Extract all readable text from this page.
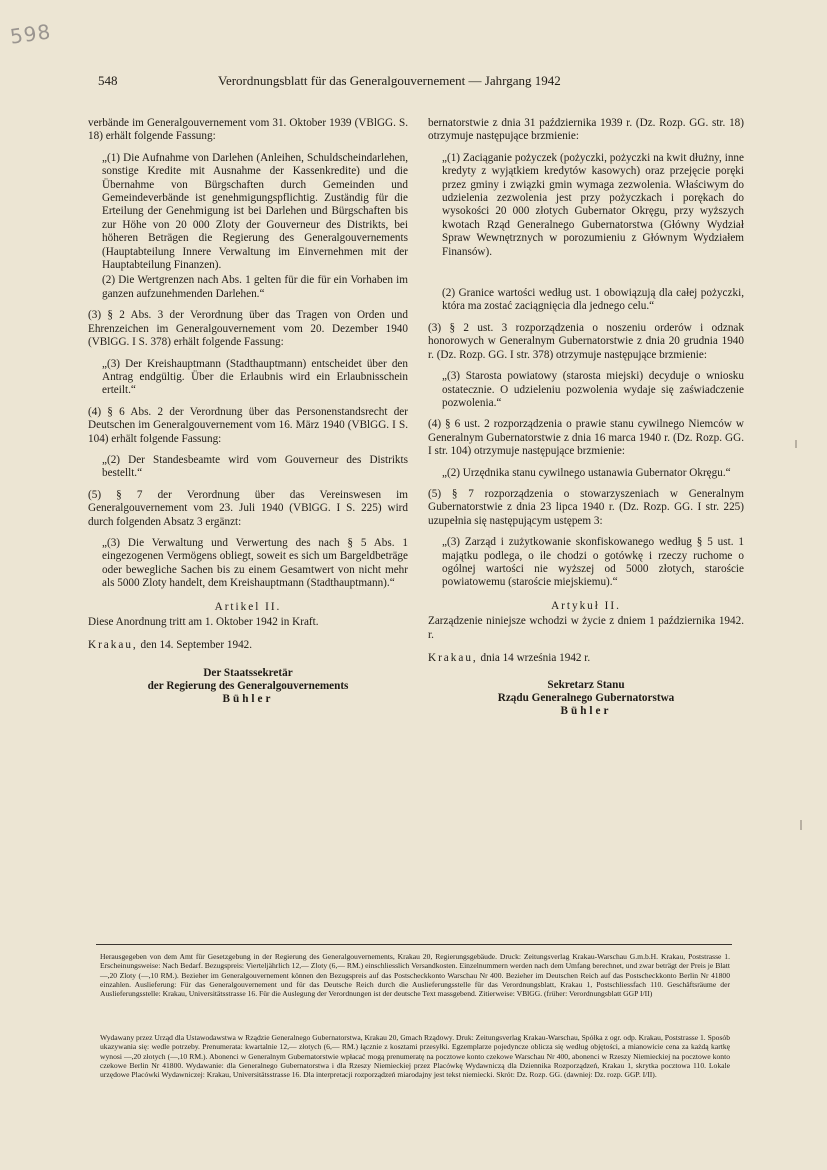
598
548	Verordnungsblatt für das Generalgouvernement — Jahrgang 1942

verbände im Generalgouvernement vom 31. Oktober 1939 (VBlGG. S. 18) erhält folgende Fassung:

„(1) Die Aufnahme von Darlehen (Anleihen, Schuldscheindarlehen, sonstige Kredite mit Ausnahme der Kassenkredite) und die Übernahme von Bürgschaften durch Gemeinden und Gemeindeverbände ist genehmigungspflichtig. Zuständig für die Erteilung der Genehmigung ist bei Darlehen und Bürgschaften bis zur Höhe von 20 000 Zloty der Gouverneur des Distrikts, bei höheren Beträgen die Regierung des Generalgouvernements (Hauptabteilung Innere Verwaltung im Einvernehmen mit der Hauptabteilung Finanzen).

(2) Die Wertgrenzen nach Abs. 1 gelten für die für ein Vorhaben im ganzen aufzunehmenden Darlehen.“

(3) § 2 Abs. 3 der Verordnung über das Tragen von Orden und Ehrenzeichen im Generalgouvernement vom 20. Dezember 1940 (VBlGG. I S. 378) erhält folgende Fassung:

„(3) Der Kreishauptmann (Stadthauptmann) entscheidet über den Antrag endgültig. Über die Erlaubnis wird ein Erlaubnisschein erteilt.“

(4) § 6 Abs. 2 der Verordnung über das Personenstandsrecht der Deutschen im Generalgouvernement vom 16. März 1940 (VBlGG. I S. 104) erhält folgende Fassung:

„(2) Der Standesbeamte wird vom Gouverneur des Distrikts bestellt.“

(5) § 7 der Verordnung über das Vereinswesen im Generalgouvernement vom 23. Juli 1940 (VBlGG. I S. 225) wird durch folgenden Absatz 3 ergänzt:

„(3) Die Verwaltung und Verwertung des nach § 5 Abs. 1 eingezogenen Vermögens obliegt, soweit es sich um Bargeldbeträge oder bewegliche Sachen bis zu einem Gesamtwert von nicht mehr als 5000 Zloty handelt, dem Kreishauptmann (Stadthauptmann).“

Artikel II.

Diese Anordnung tritt am 1. Oktober 1942 in Kraft.

Krakau, den 14. September 1942.
Der Staatssekretär
der Regierung des Generalgouvernements
Bühler

bernatorstwie z dnia 31 października 1939 r. (Dz. Rozp. GG. str. 18) otrzymuje następujące brzmienie:

„(1) Zaciąganie pożyczek (pożyczki, pożyczki na kwit dłużny, inne kredyty z wyjątkiem kredytów kasowych) oraz przejęcie poręki przez gminy i związki gmin wymaga zezwolenia. Właściwym do udzielenia zezwolenia jest przy pożyczkach i porękach do wysokości 20 000 złotych Gubernator Okręgu, przy wyższych kwotach Rząd Generalnego Gubernatorstwa (Główny Wydział Spraw Wewnętrznych w porozumieniu z Głównym Wydziałem Finansów).

(2) Granice wartości według ust. 1 obowiązują dla całej pożyczki, która ma zostać zaciągnięcia dla jednego celu.“

(3) § 2 ust. 3 rozporządzenia o noszeniu orderów i odznak honorowych w Generalnym Gubernatorstwie z dnia 20 grudnia 1940 r. (Dz. Rozp. GG. I str. 378) otrzymuje następujące brzmienie:

„(3) Starosta powiatowy (starosta miejski) decyduje o wniosku ostatecznie. O udzieleniu pozwolenia wydaje się zaświadczenie pozwolenia.“

(4) § 6 ust. 2 rozporządzenia o prawie stanu cywilnego Niemców w Generalnym Gubernatorstwie z dnia 16 marca 1940 r. (Dz. Rozp. GG. I str. 104) otrzymuje następujące brzmienie:

„(2) Urzędnika stanu cywilnego ustanawia Gubernator Okręgu.“

(5) § 7 rozporządzenia o stowarzyszeniach w Generalnym Gubernatorstwie z dnia 23 lipca 1940 r. (Dz. Rozp. GG. I str. 225) uzupełnia się następującym ustępem 3:

„(3) Zarząd i zużytkowanie skonfiskowanego według § 5 ust. 1 majątku podlega, o ile chodzi o gotówkę i rzeczy ruchome o ogólnej wartości nie wyższej od 5000 złotych, staroście powiatowemu (staroście miejskiemu).“

Artykuł II.

Zarządzenie niniejsze wchodzi w życie z dniem 1 października 1942. r.

Krakau, dnia 14 września 1942 r.
Sekretarz Stanu
Rządu Generalnego Gubernatorstwa
Bühler
Herausgegeben von dem Amt für Gesetzgebung in der Regierung des Generalgouvernements, Krakau 20, Regierungsgebäude. Druck: Zeitungsverlag Krakau-Warschau G.m.b.H. Krakau, Poststrasse 1. Erscheinungsweise: Nach Bedarf. Bezugspreis: Vierteljährlich 12,— Zloty (6,— RM.) einschliesslich Versandkosten. Einzelnummern werden nach dem Umfang berechnet, und zwar beträgt der Preis je Blatt —,20 Zloty (—,10 RM.). Bezieher im Generalgouvernement können den Bezugspreis auf das Postscheckkonto Warschau Nr 400. Bezieher im Deutschen Reich auf das Postscheckkonto Berlin Nr 41800 einzahlen. Auslieferung: Für das Generalgouvernement und für das Deutsche Reich durch die Auslieferungsstelle für das Verordnungsblatt, Krakau 1, Postschliessfach 110. Geschäftsräume der Auslieferungsstelle: Krakau, Universitätsstrasse 16. Für die Auslegung der Verordnungen ist der deutsche Text massgebend. Zitierweise: VBlGG. (früher: Verordnungsblatt GGP I/II)
Wydawany przez Urząd dla Ustawodawstwa w Rządzie Generalnego Gubernatorstwa, Krakau 20, Gmach Rządowy. Druk: Zeitungsverlag Krakau-Warschau, Spółka z ogr. odp. Krakau, Poststrasse 1. Sposób ukazywania się: wedle potrzeby. Prenumerata: kwartalnie 12,— złotych (6,— RM.) łącznie z kosztami przesyłki. Egzemplarze pojedyncze oblicza się według objętości, a mianowicie cena za każdą kartkę wynosi —,20 złotych (—,10 RM.). Abonenci w Generalnym Gubernatorstwie wpłacać mogą prenumeratę na pocztowe konto czekowe Warschau Nr 400, abonenci w Rzeszy Niemieckiej na pocztowe konto czekowe Berlin Nr 41800. Wydawanie: dla Generalnego Gubernatorstwa i dla Rzeszy Niemieckiej przez Placówkę Wydawniczą dla Dziennika Rozporządzeń, Krakau 1, skrytka pocztowa 110. Lokale urzędowe Placówki Wydawniczej: Krakau, Universitätsstrasse 16. Dla interpretacji rozporządzeń miarodajny jest tekst niemiecki. Skrót: Dz. Rozp. GG. (dawniej: Dz. rozp. GGP. I/II).
